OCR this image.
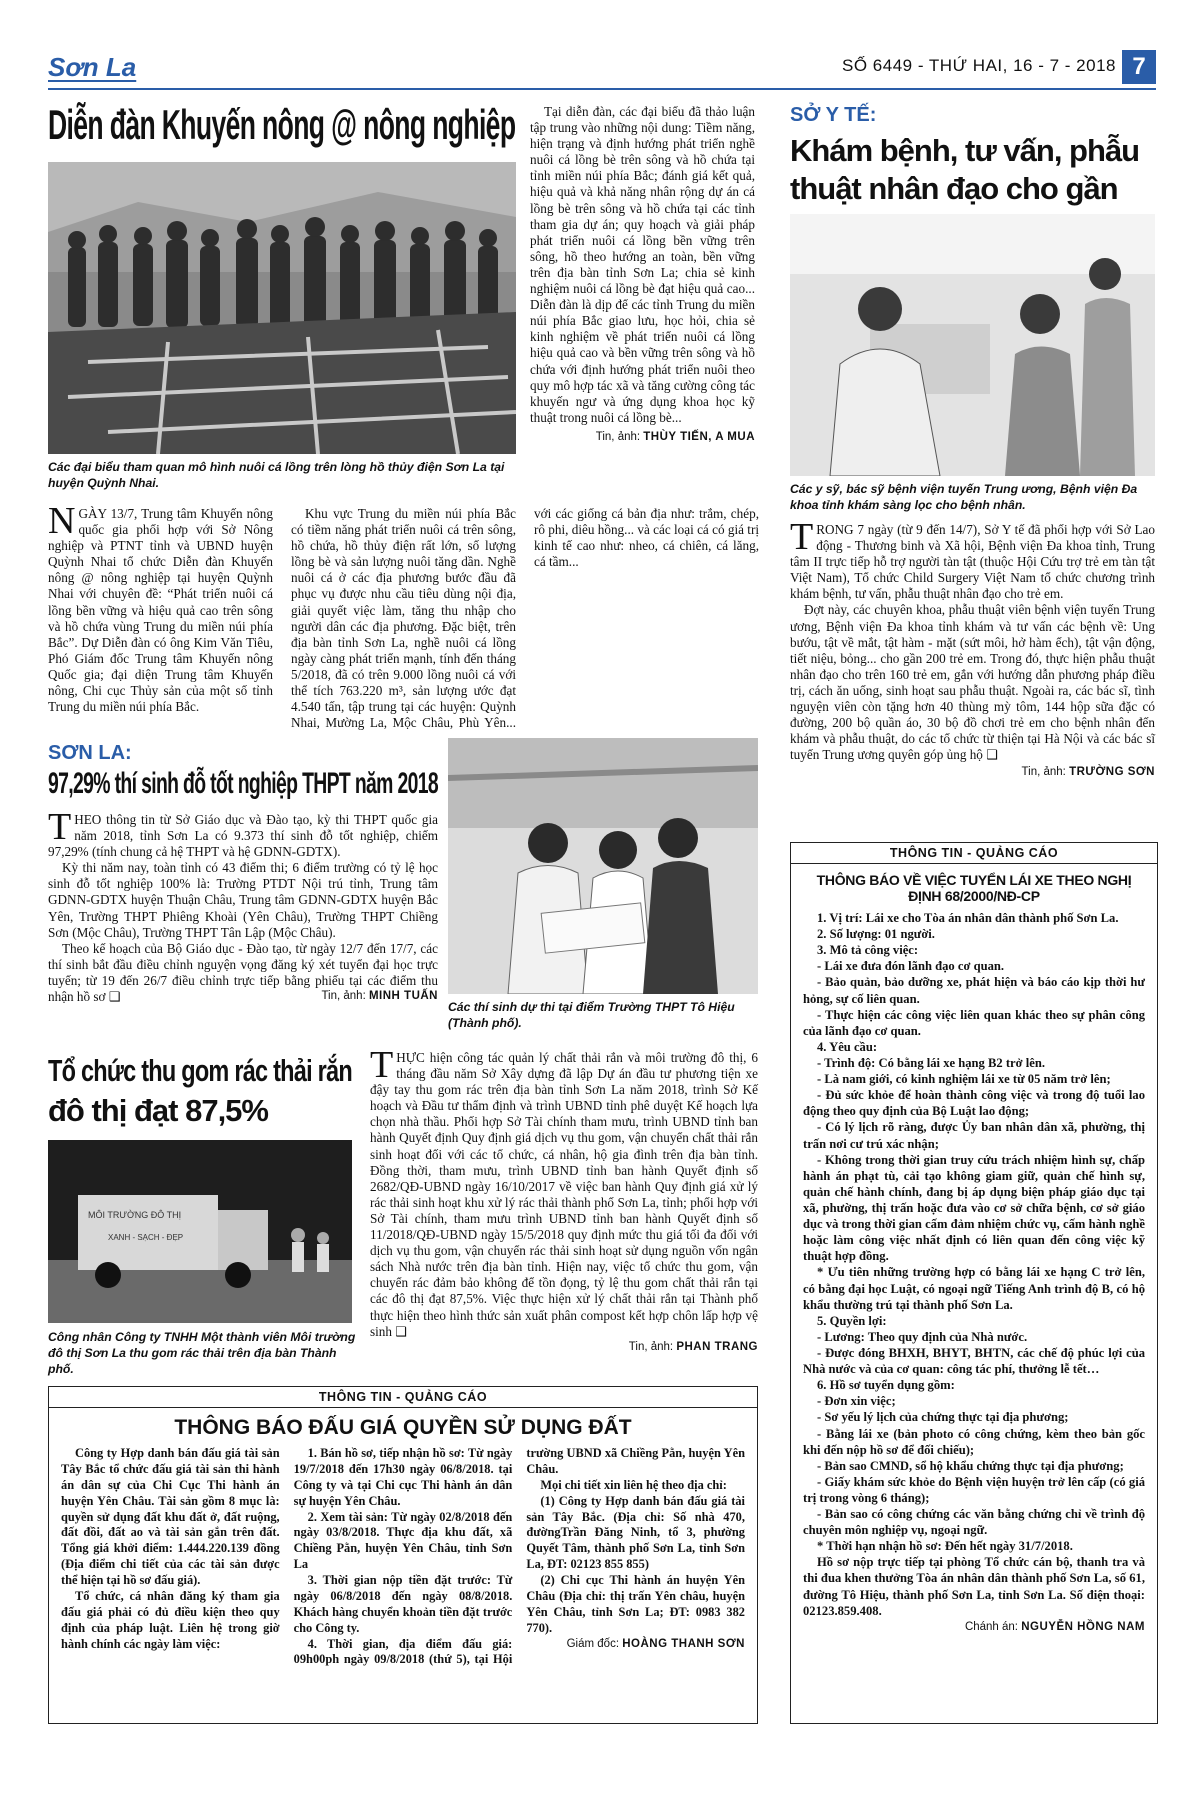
Sơn La	SỐ 6449 - THỨ HAI, 16 - 7 - 2018 7
Diễn đàn Khuyến nông @ nông nghiệp
Các đại biểu tham quan mô hình nuôi cá lồng trên lòng hồ thủy điện Sơn La tại huyện Quỳnh Nhai.

NGÀY 13/7, Trung tâm Khuyến nông quốc gia phối hợp với Sở Nông nghiệp và PTNT tỉnh và UBND huyện Quỳnh Nhai tổ chức Diễn đàn Khuyến nông @ nông nghiệp tại huyện Quỳnh Nhai với chuyên đề: “Phát triển nuôi cá lồng bền vững và hiệu quả cao trên sông và hồ chứa vùng Trung du miền núi phía Bắc”. Dự Diễn đàn có ông Kim Văn Tiêu, Phó Giám đốc Trung tâm Khuyến nông Quốc gia; đại diện Trung tâm Khuyến nông, Chi cục Thủy sản của một số tỉnh Trung du miền núi phía Bắc.

Khu vực Trung du miền núi phía Bắc có tiềm năng phát triển nuôi cá trên sông, hồ chứa, hồ thủy điện rất lớn, số lượng lồng bè và sản lượng nuôi tăng dần. Nghề nuôi cá ở các địa phương bước đầu đã phục vụ được nhu cầu tiêu dùng nội địa, giải quyết việc làm, tăng thu nhập cho người dân các địa phương. Đặc biệt, trên địa bàn tỉnh Sơn La, nghề nuôi cá lồng ngày càng phát triển mạnh, tính đến tháng 5/2018, đã có trên 9.000 lồng nuôi cá với thể tích 763.220 m³, sản lượng ước đạt 4.540 tấn, tập trung tại các huyện: Quỳnh Nhai, Mường La, Mộc Châu, Phù Yên... với các giống cá bản địa như: trắm, chép, rô phi, diêu hồng... và các loại cá có giá trị kinh tế cao như: nheo, cá chiên, cá lăng, cá tầm...

Tại diễn đàn, các đại biểu đã thảo luận tập trung vào những nội dung: Tiềm năng, hiện trạng và định hướng phát triển nghề nuôi cá lồng bè trên sông và hồ chứa tại tỉnh miền núi phía Bắc; đánh giá kết quả, hiệu quả và khả năng nhân rộng dự án cá lồng bè trên sông và hồ chứa tại các tỉnh tham gia dự án; quy hoạch và giải pháp phát triển nuôi cá lồng bền vững trên sông, hồ theo hướng an toàn, bền vững trên địa bàn tỉnh Sơn La; chia sẻ kinh nghiệm nuôi cá lồng bè đạt hiệu quả cao... Diễn đàn là dịp để các tỉnh Trung du miền núi phía Bắc giao lưu, học hỏi, chia sẻ kinh nghiệm về phát triển nuôi cá lồng hiệu quả cao và bền vững trên sông và hồ chứa với định hướng phát triển nuôi theo quy mô hợp tác xã và tăng cường công tác khuyến ngư và ứng dụng khoa học kỹ thuật trong nuôi cá lồng bè...

Tin, ảnh: THÙY TIẾN, A MUA
SỞ Y TẾ:
Khám bệnh, tư vấn, phẫu thuật nhân đạo cho gần
Các y sỹ, bác sỹ bệnh viện tuyến Trung ương, Bệnh viện Đa khoa tỉnh khám sàng lọc cho bệnh nhân.

TRONG 7 ngày (từ 9 đến 14/7), Sở Y tế đã phối hợp với Sở Lao động - Thương binh và Xã hội, Bệnh viện Đa khoa tỉnh, Trung tâm II trực tiếp hỗ trợ người tàn tật (thuộc Hội Cứu trợ trẻ em tàn tật Việt Nam), Tổ chức Child Surgery Việt Nam tổ chức chương trình khám bệnh, tư vấn, phẫu thuật nhân đạo cho trẻ em.

Đợt này, các chuyên khoa, phẫu thuật viên bệnh viện tuyến Trung ương, Bệnh viện Đa khoa tỉnh khám và tư vấn các bệnh về: Ung bướu, tật về mắt, tật hàm - mặt (sứt môi, hở hàm ếch), tật vận động, tiết niệu, bỏng... cho gần 200 trẻ em. Trong đó, thực hiện phẫu thuật nhân đạo cho trên 160 trẻ em, gắn với hướng dẫn phương pháp điều trị, cách ăn uống, sinh hoạt sau phẫu thuật. Ngoài ra, các bác sĩ, tình nguyện viên còn tặng hơn 40 thùng mỳ tôm, 144 hộp sữa đặc có đường, 200 bộ quần áo, 30 bộ đồ chơi trẻ em cho bệnh nhân đến khám và phẫu thuật, do các tổ chức từ thiện tại Hà Nội và các bác sĩ tuyến Trung ương quyên góp ủng hộ ❑

Tin, ảnh: TRƯỜNG SƠN
SƠN LA:
97,29% thí sinh đỗ tốt nghiệp THPT năm 2018

THEO thông tin từ Sở Giáo dục và Đào tạo, kỳ thi THPT quốc gia năm 2018, tỉnh Sơn La có 9.373 thí sinh đỗ tốt nghiệp, chiếm 97,29% (tính chung cả hệ THPT và hệ GDNN-GDTX).

Kỳ thi năm nay, toàn tỉnh có 43 điểm thi; 6 điểm trường có tỷ lệ học sinh đỗ tốt nghiệp 100% là: Trường PTDT Nội trú tỉnh, Trung tâm GDNN-GDTX huyện Thuận Châu, Trung tâm GDNN-GDTX huyện Bắc Yên, Trường THPT Phiêng Khoài (Yên Châu), Trường THPT Chiềng Sơn (Mộc Châu), Trường THPT Tân Lập (Mộc Châu).

Theo kế hoạch của Bộ Giáo dục - Đào tạo, từ ngày 12/7 đến 17/7, các thí sinh bắt đầu điều chỉnh nguyện vọng đăng ký xét tuyển đại học trực tuyến; từ 19 đến 26/7 điều chỉnh trực tiếp bằng phiếu tại các điểm thu nhận hồ sơ ❑	Tin, ảnh: MINH TUẤN

Các thí sinh dự thi tại điểm Trường THPT Tô Hiệu (Thành phố).
Tổ chức thu gom rác thải rắn
đô thị đạt 87,5%
MÔI TRƯỜNG ĐÔ THỊ
XANH - SẠCH - ĐẸP
Công nhân Công ty TNHH Một thành viên Môi trường đô thị Sơn La thu gom rác thải trên địa bàn Thành phố.

THỰC hiện công tác quản lý chất thải rắn và môi trường đô thị, 6 tháng đầu năm Sở Xây dựng đã lập Dự án đầu tư phương tiện xe đậy tay thu gom rác trên địa bàn tỉnh Sơn La năm 2018, trình Sở Kế hoạch và Đầu tư thẩm định và trình UBND tỉnh phê duyệt Kế hoạch lựa chọn nhà thầu. Phối hợp Sở Tài chính tham mưu, trình UBND tỉnh ban hành Quyết định Quy định giá dịch vụ thu gom, vận chuyển chất thải rắn sinh hoạt đối với các tổ chức, cá nhân, hộ gia đình trên địa bàn tỉnh. Đồng thời, tham mưu, trình UBND tỉnh ban hành Quyết định số 2682/QĐ-UBND ngày 16/10/2017 về việc ban hành Quy định giá xử lý rác thải sinh hoạt khu xử lý rác thải thành phố Sơn La, tỉnh; phối hợp với Sở Tài chính, tham mưu trình UBND tỉnh ban hành Quyết định số 11/2018/QĐ-UBND ngày 15/5/2018 quy định mức thu giá tối đa đối với dịch vụ thu gom, vận chuyển rác thải sinh hoạt sử dụng nguồn vốn ngân sách Nhà nước trên địa bàn tỉnh. Hiện nay, việc tổ chức thu gom, vận chuyển rác đảm bảo không để tồn đọng, tỷ lệ thu gom chất thải rắn tại các đô thị đạt 87,5%. Việc thực hiện xử lý chất thải rắn tại Thành phố thực hiện theo hình thức sản xuất phân compost kết hợp chôn lấp hợp vệ sinh ❑

Tin, ảnh: PHAN TRANG
THÔNG TIN - QUẢNG CÁO
THÔNG BÁO ĐẤU GIÁ QUYỀN SỬ DỤNG ĐẤT

Công ty Hợp danh bán đấu giá tài sản Tây Bắc tổ chức đấu giá tài sản thi hành án dân sự của Chi Cục Thi hành án huyện Yên Châu. Tài sản gồm 8 mục là: quyền sử dụng đất khu đất ở, đất ruộng, đất đồi, đất ao và tài sản gắn trên đất. Tổng giá khởi điểm: 1.444.220.139 đồng (Địa điểm chi tiết của các tài sản được thể hiện tại hồ sơ đấu giá).

Tổ chức, cá nhân đăng ký tham gia đấu giá phải có đủ điều kiện theo quy định của pháp luật. Liên hệ trong giờ hành chính các ngày làm việc:

1. Bán hồ sơ, tiếp nhận hồ sơ: Từ ngày 19/7/2018 đến 17h30 ngày 06/8/2018. tại Công ty và tại Chi cục Thi hành án dân sự huyện Yên Châu.

2. Xem tài sản: Từ ngày 02/8/2018 đến ngày 03/8/2018. Thực địa khu đất, xã Chiềng Pằn, huyện Yên Châu, tỉnh Sơn La

3. Thời gian nộp tiền đặt trước: Từ ngày 06/8/2018 đến ngày 08/8/2018. Khách hàng chuyển khoản tiền đặt trước cho Công ty.

4. Thời gian, địa điểm đấu giá: 09h00ph ngày 09/8/2018 (thứ 5), tại Hội trường UBND xã Chiềng Pằn, huyện Yên Châu.

Mọi chi tiết xin liên hệ theo địa chỉ:

(1) Công ty Hợp danh bán đấu giá tài sản Tây Bắc. (Địa chỉ: Số nhà 470, đườngTrần Đăng Ninh, tổ 3, phường Quyết Tâm, thành phố Sơn La, tỉnh Sơn La, ĐT: 02123 855 855)

(2) Chi cục Thi hành án huyện Yên Châu (Địa chỉ: thị trấn Yên châu, huyện Yên Châu, tỉnh Sơn La; ĐT: 0983 382 770).

Giám đốc: HOÀNG THANH SƠN
THÔNG TIN - QUẢNG CÁO
THÔNG BÁO VỀ VIỆC TUYỂN LÁI XE THEO NGHỊ ĐỊNH 68/2000/NĐ-CP

1. Vị trí: Lái xe cho Tòa án nhân dân thành phố Sơn La.

2. Số lượng: 01 người.

3. Mô tả công việc:

- Lái xe đưa đón lãnh đạo cơ quan.

- Bảo quản, bảo dưỡng xe, phát hiện và báo cáo kịp thời hư hỏng, sự cố liên quan.

- Thực hiện các công việc liên quan khác theo sự phân công của lãnh đạo cơ quan.

4. Yêu cầu:

- Trình độ: Có bằng lái xe hạng B2 trở lên.

- Là nam giới, có kinh nghiệm lái xe từ 05 năm trở lên;

- Đủ sức khỏe để hoàn thành công việc và trong độ tuổi lao động theo quy định của Bộ Luật lao động;

- Có lý lịch rõ ràng, được Ủy ban nhân dân xã, phường, thị trấn nơi cư trú xác nhận;

- Không trong thời gian truy cứu trách nhiệm hình sự, chấp hành án phạt tù, cải tạo không giam giữ, quản chế hình sự, quản chế hành chính, đang bị áp dụng biện pháp giáo dục tại xã, phường, thị trấn hoặc đưa vào cơ sở chữa bệnh, cơ sở giáo dục và trong thời gian cấm đảm nhiệm chức vụ, cấm hành nghề hoặc làm công việc nhất định có liên quan đến công việc kỹ thuật hợp đồng.

* Ưu tiên những trường hợp có bằng lái xe hạng C trở lên, có bằng đại học Luật, có ngoại ngữ Tiếng Anh trình độ B, có hộ khẩu thường trú tại thành phố Sơn La.

5. Quyền lợi:

- Lương: Theo quy định của Nhà nước.

- Được đóng BHXH, BHYT, BHTN, các chế độ phúc lợi của Nhà nước và của cơ quan: công tác phí, thưởng lễ tết…

6. Hồ sơ tuyển dụng gồm:

- Đơn xin việc;

- Sơ yếu lý lịch của chứng thực tại địa phương;

- Bằng lái xe (bản photo có công chứng, kèm theo bản gốc khi đến nộp hồ sơ để đối chiếu);

- Bản sao CMND, sổ hộ khẩu chứng thực tại địa phương;

- Giấy khám sức khỏe do Bệnh viện huyện trở lên cấp (có giá trị trong vòng 6 tháng);

- Bản sao có công chứng các văn bằng chứng chỉ về trình độ chuyên môn nghiệp vụ, ngoại ngữ.

* Thời hạn nhận hồ sơ: Đến hết ngày 31/7/2018.

Hồ sơ nộp trực tiếp tại phòng Tổ chức cán bộ, thanh tra và thi đua khen thưởng Tòa án nhân dân thành phố Sơn La, số 61, đường Tô Hiệu, thành phố Sơn La, tỉnh Sơn La. Số điện thoại: 02123.859.408.

Chánh án: NGUYỄN HỒNG NAM
